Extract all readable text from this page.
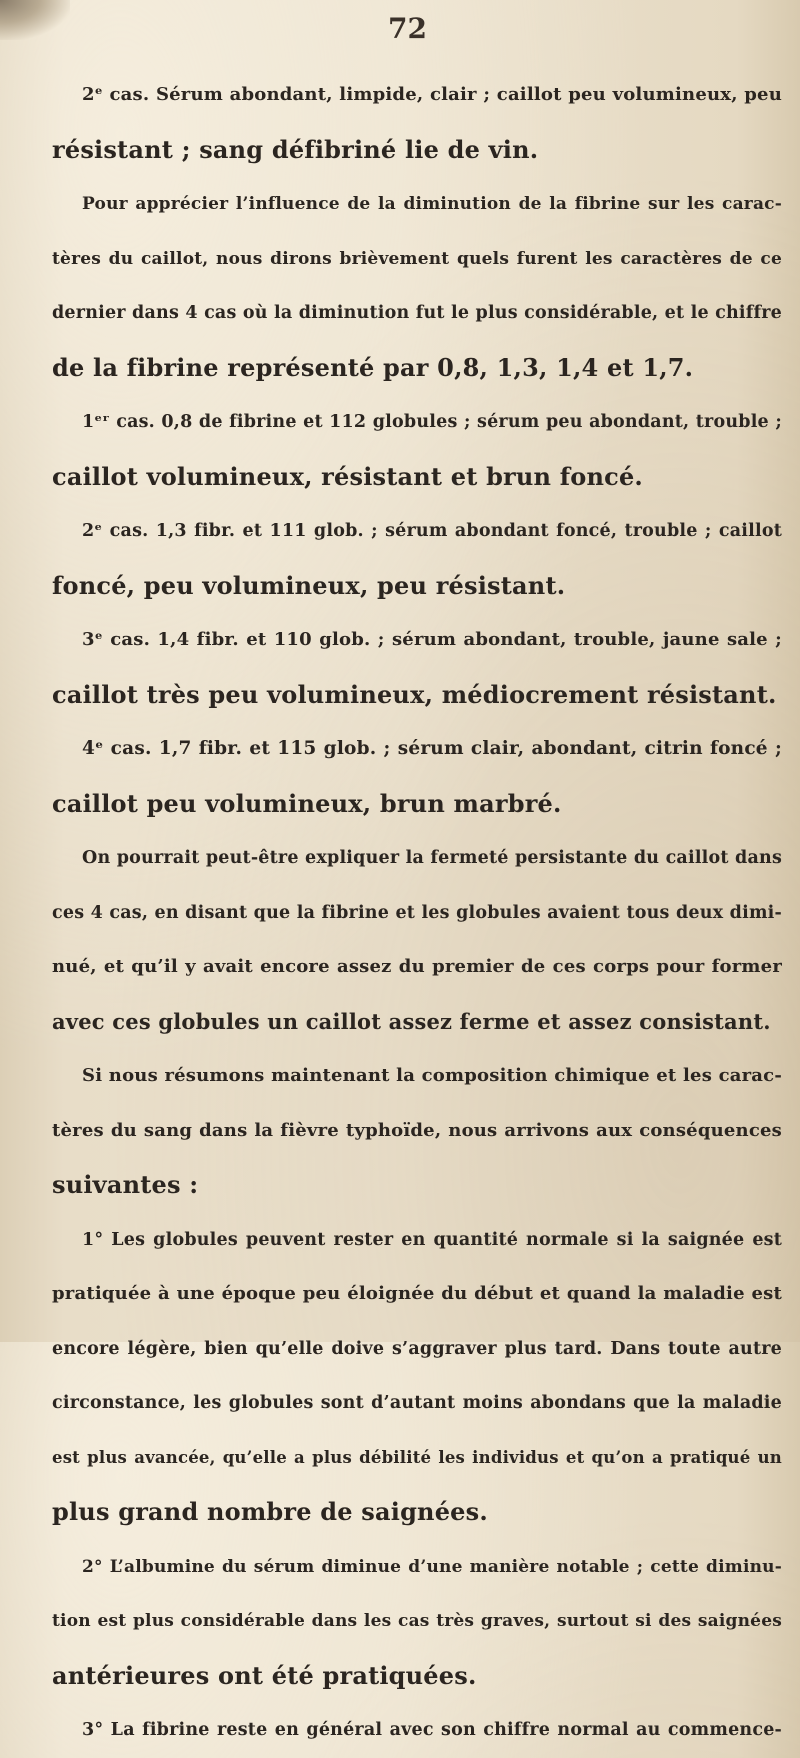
72
2ᵉ cas. Sérum abondant, limpide, clair ; caillot peu volumineux, peu
résistant ; sang défibriné lie de vin.
Pour apprécier l’influence de la diminution de la fibrine sur les carac-
tères du caillot, nous dirons brièvement quels furent les caractères de ce
dernier dans 4 cas où la diminution fut le plus considérable, et le chiffre
de la fibrine représenté par 0,8, 1,3, 1,4 et 1,7.
1ᵉʳ cas. 0,8 de fibrine et 112 globules ; sérum peu abondant, trouble ;
caillot volumineux, résistant et brun foncé.
2ᵉ cas. 1,3 fibr. et 111 glob. ; sérum abondant foncé, trouble ; caillot
foncé, peu volumineux, peu résistant.
3ᵉ cas. 1,4 fibr. et 110 glob. ; sérum abondant, trouble, jaune sale ;
caillot très peu volumineux, médiocrement résistant.
4ᵉ cas. 1,7 fibr. et 115 glob. ; sérum clair, abondant, citrin foncé ;
caillot peu volumineux, brun marbré.
On pourrait peut-être expliquer la fermeté persistante du caillot dans
ces 4 cas, en disant que la fibrine et les globules avaient tous deux dimi-
nué, et qu’il y avait encore assez du premier de ces corps pour former
avec ces globules un caillot assez ferme et assez consistant.
Si nous résumons maintenant la composition chimique et les carac-
tères du sang dans la fièvre typhoïde, nous arrivons aux conséquences
suivantes :
1° Les globules peuvent rester en quantité normale si la saignée est
pratiquée à une époque peu éloignée du début et quand la maladie est
encore légère, bien qu’elle doive s’aggraver plus tard. Dans toute autre
circonstance, les globules sont d’autant moins abondans que la maladie
est plus avancée, qu’elle a plus débilité les individus et qu’on a pratiqué un
plus grand nombre de saignées.
2° L’albumine du sérum diminue d’une manière notable ; cette diminu-
tion est plus considérable dans les cas très graves, surtout si des saignées
antérieures ont été pratiquées.
3° La fibrine reste en général avec son chiffre normal au commence-
